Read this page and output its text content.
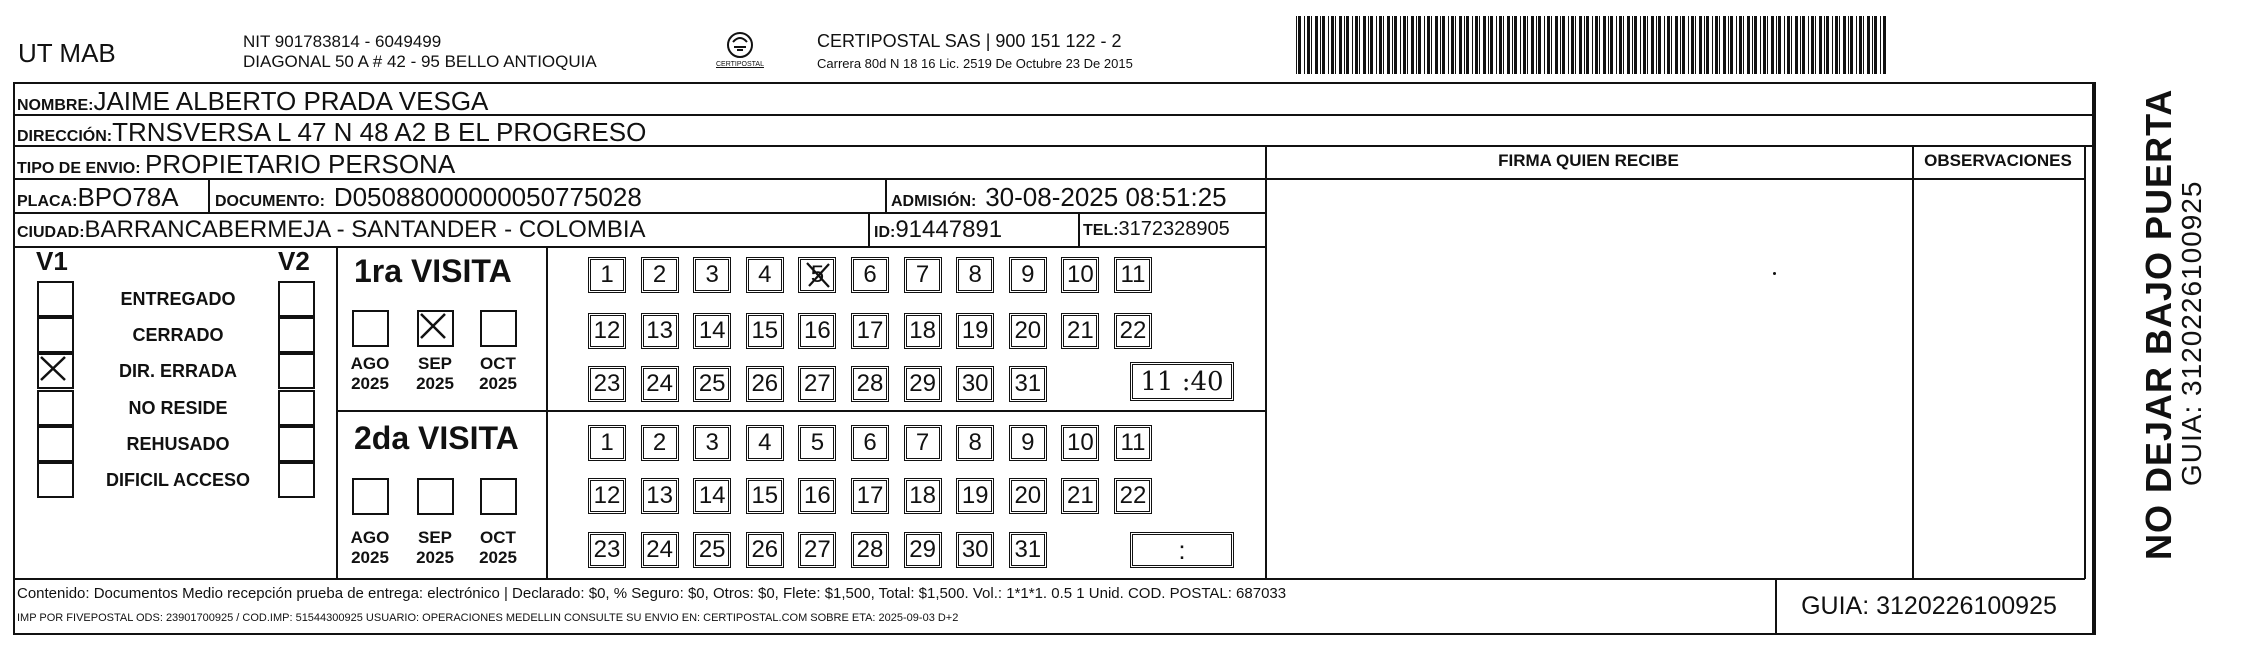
UT MAB	NIT 901783814 - 6049499
DIAGONAL 50 A # 42 - 95 BELLO ANTIOQUIA	CERTIPOSTAL
CERTIPOSTAL SAS | 900 151 122 - 2
Carrera 80d N 18 16 Lic. 2519 De Octubre 23 De 2015
NOMBRE:JAIME ALBERTO PRADA VESGA
DIRECCIÓN:TRNSVERSA L 47 N 48 A2 B EL PROGRESO
FIRMA QUIEN RECIBE	OBSERVACIONES
TIPO DE ENVIO: PROPIETARIO PERSONA
PLACA:BPO78A DOCUMENTO: D05088000000050775028	ADMISIÓN: 30-08-2025 08:51:25
CIUDAD:BARRANCABERMEJA - SANTANDER - COLOMBIA	ID:91447891	TEL:3172328905
V1	V2
ENTREGADO
CERRADO
DIR. ERRADA
NO RESIDE
REHUSADO
DIFICIL ACCESO
1ra VISITA
AGO
2025
SEP
2025
OCT
2025
1	2	3	4	5	6	7	8	9	10 11
12 13 14 15 16 17 18 19 20 21 22
23 24 25 26 27 28 29 30 31	11 :40
2da VISITA
AGO
2025
SEP
2025
OCT
2025
1	2	3	4	5	6	7	8	9	10 11
12 13 14 15 16 17 18 19 20 21 22
23 24 25 26 27 28 29 30 31	:
Contenido: Documentos Medio recepción prueba de entrega: electrónico | Declarado: $0, % Seguro: $0, Otros: $0, Flete: $1,500, Total: $1,500. Vol.: 1*1*1. 0.5 1 Unid. COD. POSTAL: 687033
IMP POR FIVEPOSTAL ODS: 23901700925 / COD.IMP: 51544300925 USUARIO: OPERACIONES MEDELLIN CONSULTE SU ENVIO EN: CERTIPOSTAL.COM SOBRE ETA: 2025-09-03 D+2	GUIA: 3120226100925
NO DEJAR BAJO PUERTA
GUIA: 3120226100925
